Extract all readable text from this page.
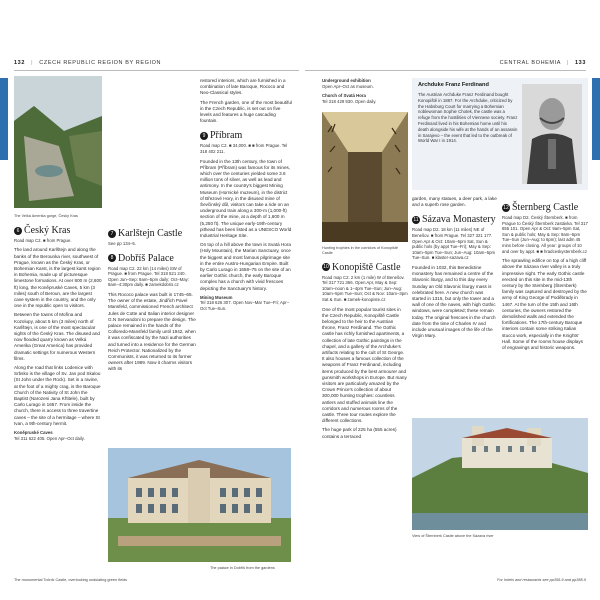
132 | CZECH REPUBLIC REGION BY REGION	CENTRAL BOHEMIA | 133
The Velká Amerika gorge, Český Kras
6 Český Kras
Road map C2. ■ from Prague.

The land around Karlštejn and along the banks of the Berounka river, southwest of Prague, known as the Český Kras, or Bohemian Karst, is the largest karst region in Bohemia, made up of picturesque limestone formations. At over 800 m (2,600 ft) long, the Koněpruské Caves, 5 km (3 miles) south of Beroun, are the largest cave system in the country, and the only one in the republic open to visitors.

Between the towns of Mořina and Kozolupy, about 5 km (3 miles) north of Karlštejn, is one of the most spectacular sights of the Český Kras. The disused and now flooded quarry known as Velká Amerika (Great America) has provided dramatic settings for numerous Western films.

Along the road that links Lodenice with Srbsko is the village of Sv. Jan pod Skalou (St John under the Rock). Set in a ravine, at the foot of a mighty crag, is the Baroque Church of the Nativity of St John the Baptist (Narozeni Jana Křtitele), built by Carlo Lurago in 1657. From inside the church, there is access to three travertine caves – the site of a hermitage – where St Ivan, a 9th-century hermit.

Koněpruské Caves
Tel 311 622 405. Open Apr–Oct daily.
The monumental Točník Castle, overlooking undulating green fields
7 Karlštejn Castle
See pp 134–5.
8 Dobříš Palace
Road map C2. 22 km (14 miles) SW of Prague. ■ from Prague. Tel 318 521 240. Open Jun–Sep: 9am–5pm daily; Oct–May: 8am–4:30pm daily. ■ zamekdobris.cz

This Rococo palace was built in 1745–65. The owner of the estate, Jindřich Pavel Mansfeld, commissioned French architect Jules de Cotte and Italian interior designer G.N Servandoni to prepare the design. The palace remained in the hands of the Colloredo-Mansfeld family until 1942, when it was confiscated by the Nazi authorities and turned into a residence for the German Reich Protector. Nationalized by the Communists, it was returned to its former owners after 1989. Now it charms visitors with its

The palace in Dobříš from the gardens

restored interiors, which are furnished in a combination of late Baroque, Rococo and Neo-Classical styles.

The French garden, one of the most beautiful in the Czech Republic, is set out on five levels and features a huge cascading fountain.

9 Příbram
Road map C2. ■ 34,000. ■ ■ from Prague. Tel 318 402 211.

Founded in the 13th century, the town of Příbram (Příbram) was famous for its mines, which over the centuries yielded some 3.6 million tons of silver, as well as lead and antimony. In the country's biggest Mining Museum (Hornické muzeum), in the district of Březové Hory, in the disused mine of Ševčinský důl, visitors can take a ride on an underground train along a 300-m (1,000-ft) section of the mine, at a depth of 1,600 m (5,250 ft). The unique early-19th-century pithead has been listed as a UNESCO World Industrial Heritage Site.

On top of a hill above the town is Svatá Hora (Holy Mountain), the Marian Sanctuary, once the biggest and most famous pilgrimage site in the entire Austro-Hungarian Empire. Built by Carlo Lurago in 1658–75 on the site of an earlier Gothic church, the early Baroque complex has a church with vivid frescoes depicting the Sanctuary's history.

Mining Museum
Tel 318 626 307. Open Nov–Mar Tue–Fri; Apr–Oct Tue–Sun.
Underground exhibition
Open Apr–Oct as museum.
Church of Svatá Hora
Tel 318 429 930. Open daily.
Hunting trophies in the corridors of Konopiště Castle
10 Konopiště Castle
Road map C2. 2 km (1 mile) W of Benešov. Tel 317 721 366. Open Apr, May & Sep: 10am–noon & 1–4pm Tue–Sun; Jun–Aug: 10am–5pm Tue–Sun; Oct & Nov: 10am–3pm Sat & Sun. ■ zamek-konopiste.cz

One of the most popular tourist sites in the Czech Republic, Konopiště Castle belonged to the heir to the Austrian throne, Franz Ferdinand. The Gothic castle has richly furnished apartments, a collection of late Gothic paintings in the chapel, and a gallery of the Archduke's artifacts relating to the cult of St George. It also houses a famous collection of the weapons of Franz Ferdinand, including items produced by the best armourer and gunsmith workshops in Europe. But many visitors are particularly amazed by the Crown Prince's collection of about 300,000 hunting trophies: countless antlers and stuffed animals line the corridors and numerous rooms of the castle. Three tour routes explore the different collections.

The huge park of 225 ha (555 acres) contains a terraced

Archduke Franz Ferdinand
The Austrian Archduke Franz Ferdinand bought Konopiště in 1887. For the Archduke, criticized by the Habsburg Court for marrying a Bohemian noblewoman Sophie Chotek, the castle was a refuge from the hostilities of Viennese society. Franz Ferdinand lived in his Bohemian home until his death alongside his wife at the hands of an assassin in Sarajevo – the event that led to the outbreak of World War I in 1914.

garden, many statues, a deer park, a lake and a superb rose garden.

11 Sázava Monastery
Road map D2. 18 km (11 miles) NE of Benešov. ■ from Prague. Tel 327 321 177. Open Apr & Oct: 10am–5pm Sat, Sun & public hols (by appt Tue–Fri); May & Sep: 10am–5pm Tue–Sun; Jun–Aug: 10am–5pm Tue–Sun. ■ klaster-sazava.cz

Founded in 1032, this Benedictine monastery has remained a centre of the Slavonic liturgy, and to this day every Sunday an Old Slavonic liturgy mass is celebrated here. A new church was started in 1315, but only the tower and a wall of one of the naves, with high Gothic windows, were completed; these remain today. The original frescoes in the church date from the time of Charles IV and include unusual images of the life of the Virgin Mary.

View of Šternberk Castle above the Sázava river
12 Šternberg Castle
Road map D2. Český Šternberk. ■ from Prague to Český Šternberk zastávka. Tel 317 855 101. Open Apr & Oct: 9am–5pm Sat, Sun & public hols; May & Sep: 9am–5pm Tue–Sun (Jun–Aug: to 6pm); last adm 45 mins before closing. All year: groups of 10 and over by appt. ■ ■ hradceskysternberk.cz

The sprawling edifice on top of a high cliff above the Sázava river valley is a truly impressive sight. The early Gothic castle erected on this site in the mid-13th century by the Sternberg (Šternberk) family was captured and destroyed by the army of King George of Poděbrady in 1467. At the turn of the 15th and 16th centuries, the owners restored the demolished walls and extended the fortifications. The 17th-century Baroque interiors contain some striking Italian stucco work, especially in the Knights' Hall. Some of the rooms house displays of engravings and historic weapons.

For hotels and restaurants see pp358-9 and pp388-9
